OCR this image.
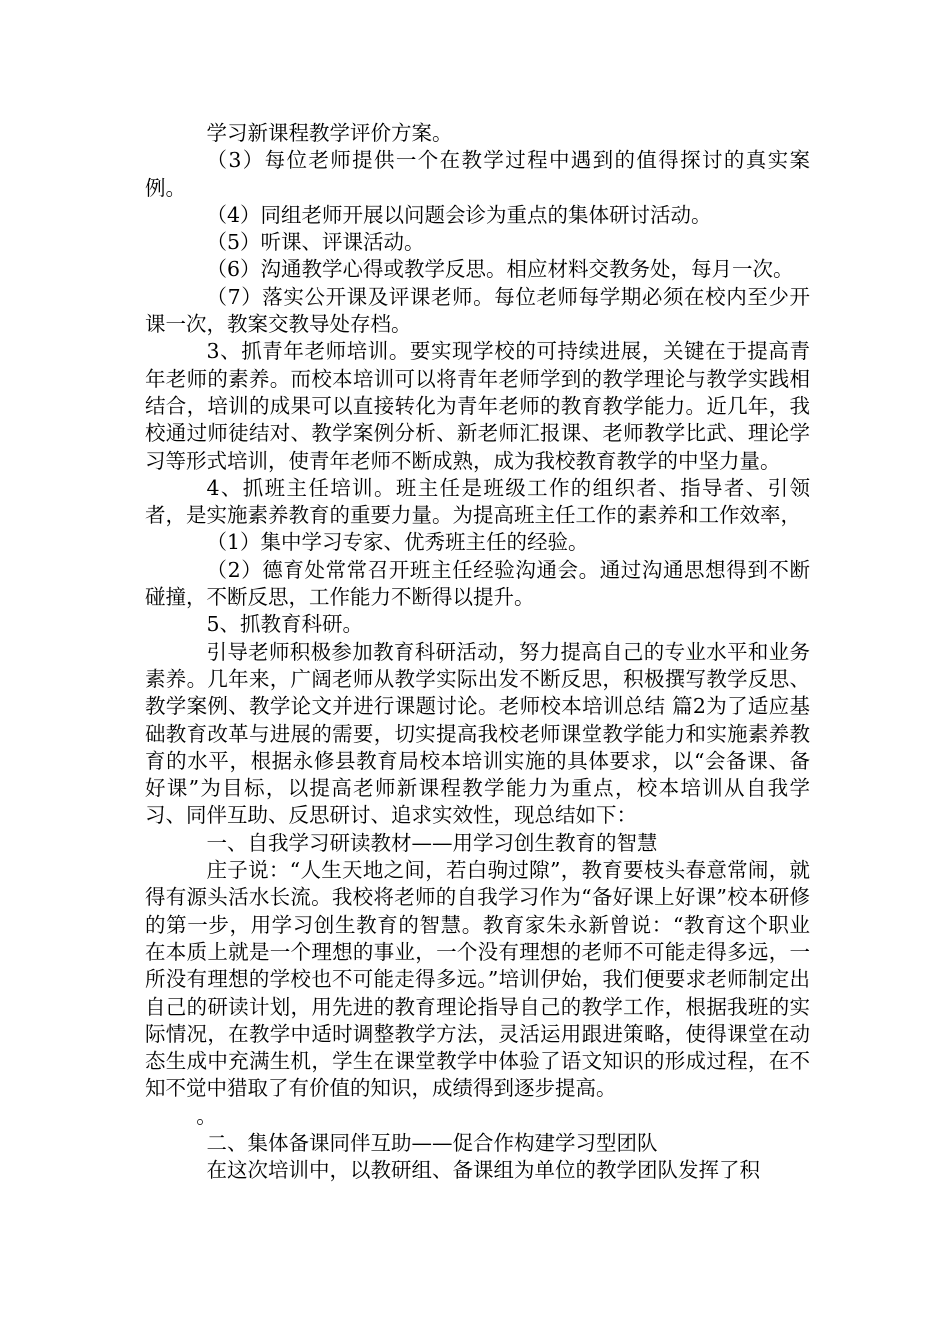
学习新课程教学评价方案。

（3）每位老师提供一个在教学过程中遇到的值得探讨的真实案例。

（4）同组老师开展以问题会诊为重点的集体研讨活动。

（5）听课、评课活动。

（6）沟通教学心得或教学反思。相应材料交教务处，每月一次。

（7）落实公开课及评课老师。每位老师每学期必须在校内至少开课一次，教案交教导处存档。

3、抓青年老师培训。要实现学校的可持续进展，关键在于提高青年老师的素养。而校本培训可以将青年老师学到的教学理论与教学实践相结合，培训的成果可以直接转化为青年老师的教育教学能力。近几年，我校通过师徒结对、教学案例分析、新老师汇报课、老师教学比武、理论学习等形式培训，使青年老师不断成熟，成为我校教育教学的中坚力量。

4、抓班主任培训。班主任是班级工作的组织者、指导者、引领者，是实施素养教育的重要力量。为提高班主任工作的素养和工作效率，

（1）集中学习专家、优秀班主任的经验。

（2）德育处常常召开班主任经验沟通会。通过沟通思想得到不断碰撞，不断反思，工作能力不断得以提升。

5、抓教育科研。

引导老师积极参加教育科研活动，努力提高自己的专业水平和业务素养。几年来，广阔老师从教学实际出发不断反思，积极撰写教学反思、教学案例、教学论文并进行课题讨论。老师校本培训总结 篇2为了适应基础教育改革与进展的需要，切实提高我校老师课堂教学能力和实施素养教育的水平，根据永修县教育局校本培训实施的具体要求，以“会备课、备好课”为目标，以提高老师新课程教学能力为重点，校本培训从自我学习、同伴互助、反思研讨、追求实效性，现总结如下：

一、自我学习研读教材——用学习创生教育的智慧

庄子说：“人生天地之间，若白驹过隙”，教育要枝头春意常闹，就得有源头活水长流。我校将老师的自我学习作为“备好课上好课”校本研修的第一步，用学习创生教育的智慧。教育家朱永新曾说：“教育这个职业在本质上就是一个理想的事业，一个没有理想的老师不可能走得多远，一所没有理想的学校也不可能走得多远。”培训伊始，我们便要求老师制定出自己的研读计划，用先进的教育理论指导自己的教学工作，根据我班的实际情况，在教学中适时调整教学方法，灵活运用跟进策略，使得课堂在动态生成中充满生机，学生在课堂教学中体验了语文知识的形成过程，在不知不觉中猎取了有价值的知识，成绩得到逐步提高。

。

二、集体备课同伴互助——促合作构建学习型团队

在这次培训中，以教研组、备课组为单位的教学团队发挥了积
